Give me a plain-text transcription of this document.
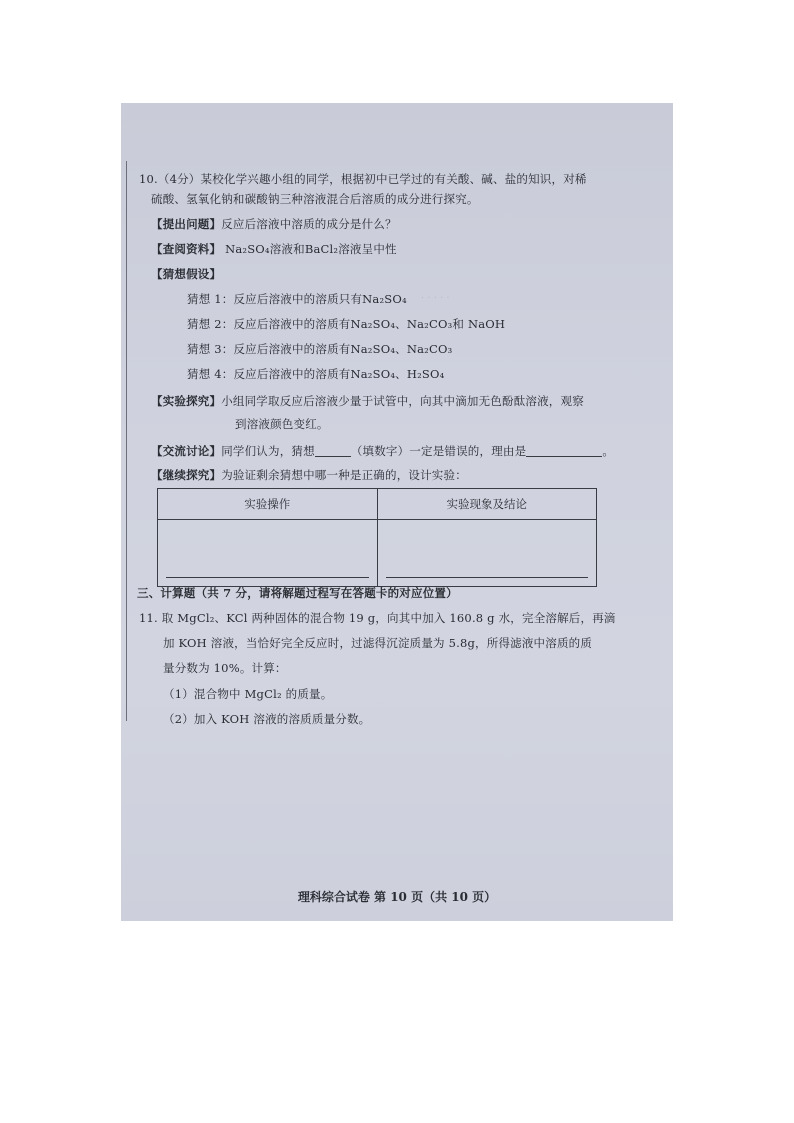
· · · · ·
10.（4分）某校化学兴趣小组的同学，根据初中已学过的有关酸、碱、盐的知识，对稀
硫酸、氢氧化钠和碳酸钠三种溶液混合后溶质的成分进行探究。
【提出问题】反应后溶液中溶质的成分是什么？
【查阅资料】 Na₂SO₄溶液和BaCl₂溶液呈中性
【猜想假设】
猜想 1：反应后溶液中的溶质只有Na₂SO₄
猜想 2：反应后溶液中的溶质有Na₂SO₄、Na₂CO₃和 NaOH
猜想 3：反应后溶液中的溶质有Na₂SO₄、Na₂CO₃
猜想 4：反应后溶液中的溶质有Na₂SO₄、H₂SO₄
【实验探究】小组同学取反应后溶液少量于试管中，向其中滴加无色酚酞溶液，观察
到溶液颜色变红。
【交流讨论】同学们认为，猜想	（填数字）一定是错误的，理由是	。
【继续探究】为验证剩余猜想中哪一种是正确的，设计实验：
实验操作	实验现象及结论

三、计算题（共 7 分，请将解题过程写在答题卡的对应位置）
11. 取 MgCl₂、KCl 两种固体的混合物 19 g，向其中加入 160.8 g 水，完全溶解后，再滴
加 KOH 溶液，当恰好完全反应时，过滤得沉淀质量为 5.8g，所得滤液中溶质的质
量分数为 10%。计算：
（1）混合物中 MgCl₂ 的质量。
（2）加入 KOH 溶液的溶质质量分数。
理科综合试卷 第 10 页（共 10 页）
